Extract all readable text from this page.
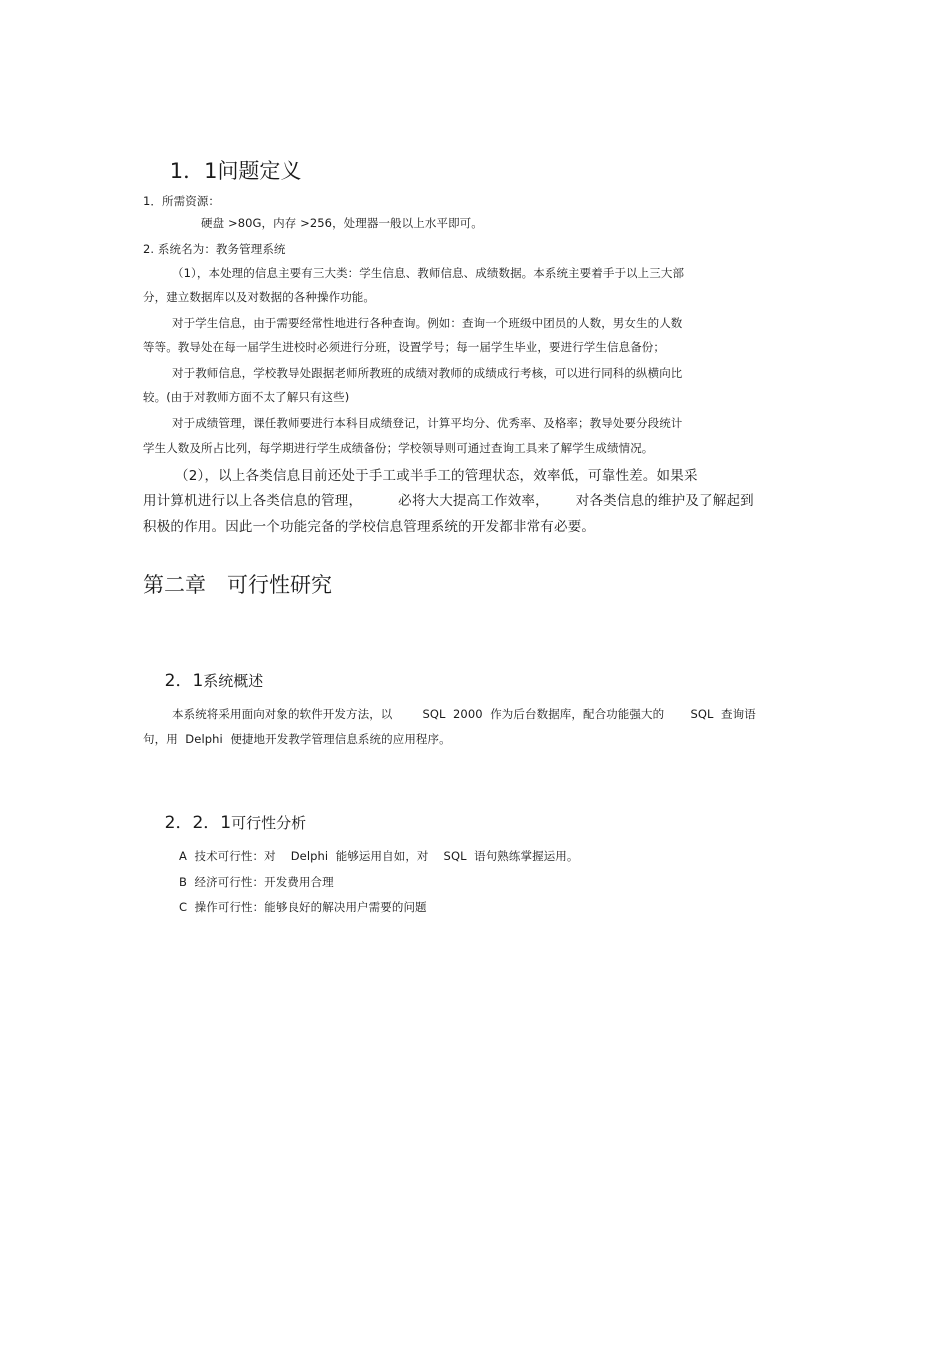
1．1问题定义

1．所需资源：
硬盘 >80G，内存 >256，处理器一般以上水平即可。
2. 系统名为：教务管理系统
（1），本处理的信息主要有三大类：学生信息、教师信息、成绩数据。本系统主要着手于以上三大部
分，建立数据库以及对数据的各种操作功能。
对于学生信息，由于需要经常性地进行各种查询。例如：查询一个班级中团员的人数，男女生的人数
等等。教导处在每一届学生进校时必须进行分班，设置学号；每一届学生毕业，要进行学生信息备份；
对于教师信息，学校教导处跟据老师所教班的成绩对教师的成绩成行考核，可以进行同科的纵横向比
较。(由于对教师方面不太了解只有这些)
对于成绩管理，课任教师要进行本科目成绩登记，计算平均分、优秀率、及格率；教导处要分段统计
学生人数及所占比列，每学期进行学生成绩备份；学校领导则可通过查询工具来了解学生成绩情况。
（2），以上各类信息目前还处于手工或半手工的管理状态，效率低，可靠性差。如果采
用计算机进行以上各类信息的管理，        必将大大提高工作效率，      对各类信息的维护及了解起到
积极的作用。因此一个功能完备的学校信息管理系统的开发都非常有必要。
第二章　可行性研究

2．1系统概述

本系统将采用面向对象的软件开发方法，以        SQL  2000  作为后台数据库，配合功能强大的       SQL  查询语
句，用  Delphi  便捷地开发教学管理信息系统的应用程序。

2．2．1可行性分析

A  技术可行性：对    Delphi  能够运用自如，对    SQL  语句熟练掌握运用。
B  经济可行性：开发费用合理
C  操作可行性：能够良好的解决用户需要的问题
